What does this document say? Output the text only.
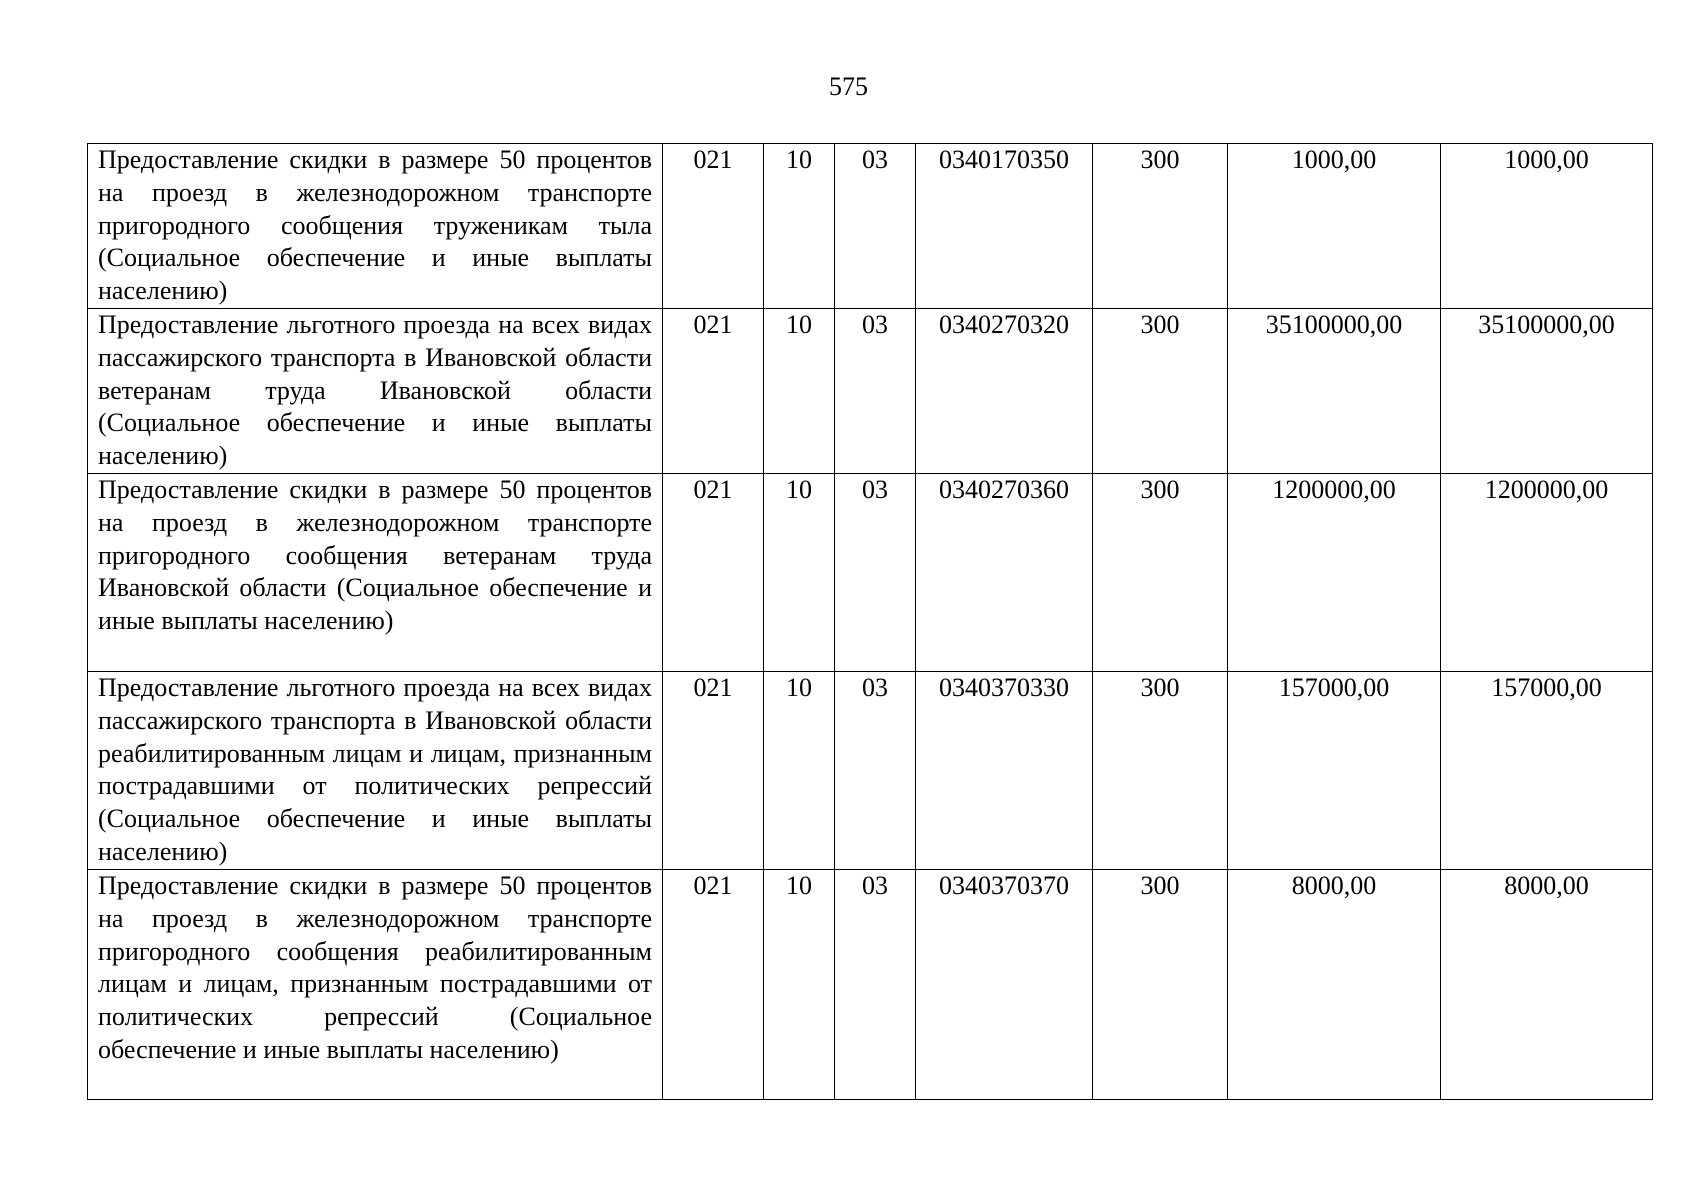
575
Предоставление скидки в размере 50 процентов на проезд в железнодорожном транспорте пригородного сообщения труженикам тыла (Социальное обеспечение и иные выплаты населению)	021	10	03	0340170350	300	1000,00	1000,00
Предоставление льготного проезда на всех видах пассажирского транспорта в Ивановской области ветеранам труда Ивановской области (Социальное обеспечение и иные выплаты населению)	021	10	03	0340270320	300	35100000,00	35100000,00
Предоставление скидки в размере 50 процентов на проезд в железнодорожном транспорте пригородного сообщения ветеранам труда Ивановской области (Социальное обеспечение и иные выплаты населению)	021	10	03	0340270360	300	1200000,00	1200000,00
Предоставление льготного проезда на всех видах пассажирского транспорта в Ивановской области реабилитированным лицам и лицам, признанным пострадавшими от политических репрессий (Социальное обеспечение и иные выплаты населению)	021	10	03	0340370330	300	157000,00	157000,00
Предоставление скидки в размере 50 процентов на проезд в железнодорожном транспорте пригородного сообщения реабилитированным лицам и лицам, признанным пострадавшими от политических репрессий (Социальное обеспечение и иные выплаты населению)	021	10	03	0340370370	300	8000,00	8000,00
